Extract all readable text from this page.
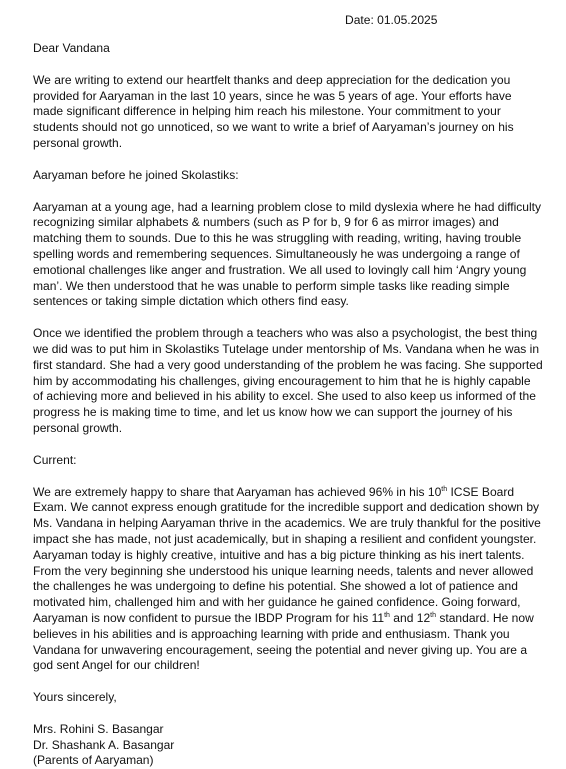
Date: 01.05.2025

Dear Vandana

We are writing to extend our heartfelt thanks and deep appreciation for the dedication you provided for Aaryaman in the last 10 years, since he was 5 years of age. Your efforts have made significant difference in helping him reach his milestone. Your commitment to your students should not go unnoticed, so we want to write a brief of Aaryaman’s journey on his personal growth.

Aaryaman before he joined Skolastiks:

Aaryaman at a young age, had a learning problem close to mild dyslexia where he had difficulty recognizing similar alphabets & numbers (such as P for b, 9 for 6 as mirror images) and matching them to sounds. Due to this he was struggling with reading, writing, having trouble spelling words and remembering sequences. Simultaneously he was undergoing a range of emotional challenges like anger and frustration. We all used to lovingly call him ‘Angry young man’. We then understood that he was unable to perform simple tasks like reading simple sentences or taking simple dictation which others find easy.

Once we identified the problem through a teachers who was also a psychologist, the best thing we did was to put him in Skolastiks Tutelage under mentorship of Ms. Vandana when he was in first standard. She had a very good understanding of the problem he was facing. She supported him by accommodating his challenges, giving encouragement to him that he is highly capable of achieving more and believed in his ability to excel. She used to also keep us informed of the progress he is making time to time, and let us know how we can support the journey of his personal growth.

Current:

We are extremely happy to share that Aaryaman has achieved 96% in his 10th ICSE Board Exam. We cannot express enough gratitude for the incredible support and dedication shown by Ms. Vandana in helping Aaryaman thrive in the academics. We are truly thankful for the positive impact she has made, not just academically, but in shaping a resilient and confident youngster. Aaryaman today is highly creative, intuitive and has a big picture thinking as his inert talents. From the very beginning she understood his unique learning needs, talents and never allowed the challenges he was undergoing to define his potential. She showed a lot of patience and motivated him, challenged him and with her guidance he gained confidence. Going forward, Aaryaman is now confident to pursue the IBDP Program for his 11th and 12th standard. He now believes in his abilities and is approaching learning with pride and enthusiasm. Thank you Vandana for unwavering encouragement, seeing the potential and never giving up. You are a god sent Angel for our children!

Yours sincerely,

Mrs. Rohini S. Basangar

Dr. Shashank A. Basangar

(Parents of Aaryaman)
